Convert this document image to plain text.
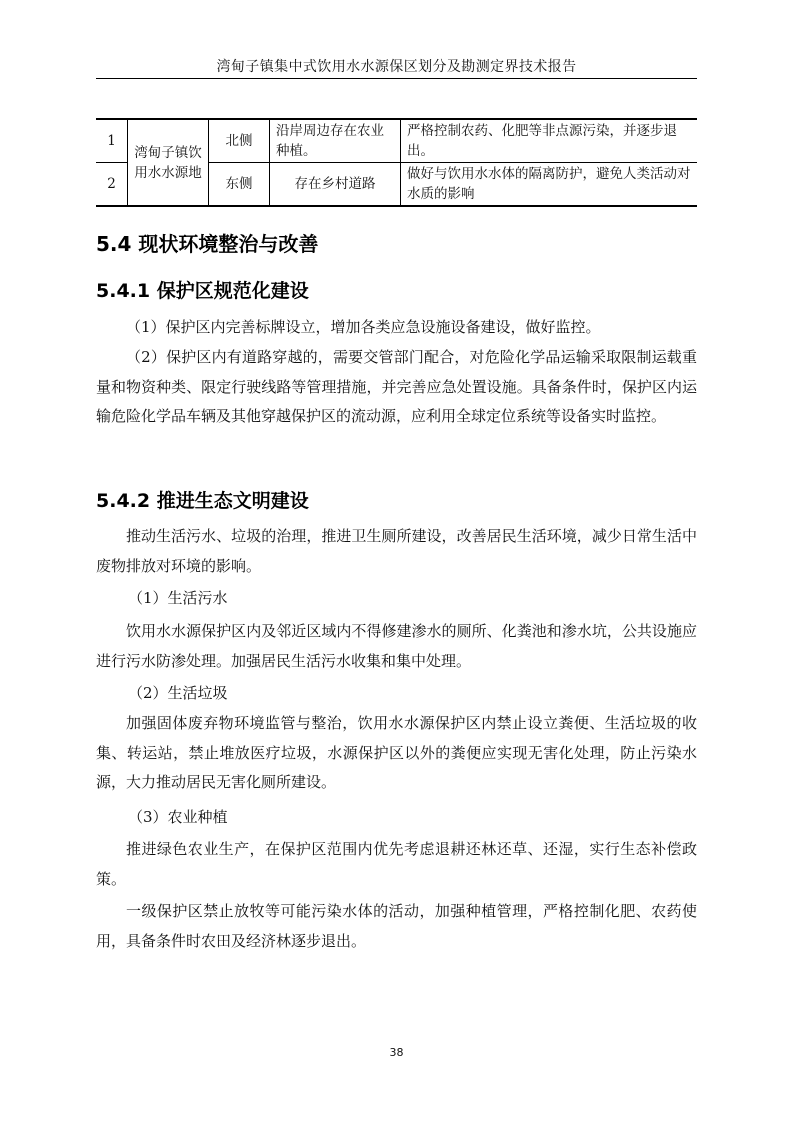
湾甸子镇集中式饮用水水源保区划分及勘测定界技术报告
1	湾甸子镇饮用水水源地	北侧	沿岸周边存在农业种植。	严格控制农药、化肥等非点源污染，并逐步退出。
2		东侧	存在乡村道路	做好与饮用水水体的隔离防护，避免人类活动对水质的影响
5.4 现状环境整治与改善
5.4.1 保护区规范化建设

（1）保护区内完善标牌设立，增加各类应急设施设备建设，做好监控。

（2）保护区内有道路穿越的，需要交管部门配合，对危险化学品运输采取限制运载重量和物资种类、限定行驶线路等管理措施，并完善应急处置设施。具备条件时，保护区内运输危险化学品车辆及其他穿越保护区的流动源，应利用全球定位系统等设备实时监控。

5.4.2 推进生态文明建设

推动生活污水、垃圾的治理，推进卫生厕所建设，改善居民生活环境，减少日常生活中废物排放对环境的影响。

（1）生活污水

饮用水水源保护区内及邻近区域内不得修建渗水的厕所、化粪池和渗水坑，公共设施应进行污水防渗处理。加强居民生活污水收集和集中处理。

（2）生活垃圾

加强固体废弃物环境监管与整治，饮用水水源保护区内禁止设立粪便、生活垃圾的收集、转运站，禁止堆放医疗垃圾，水源保护区以外的粪便应实现无害化处理，防止污染水源，大力推动居民无害化厕所建设。

（3）农业种植

推进绿色农业生产，在保护区范围内优先考虑退耕还林还草、还湿，实行生态补偿政策。

一级保护区禁止放牧等可能污染水体的活动，加强种植管理，严格控制化肥、农药使用，具备条件时农田及经济林逐步退出。

38
